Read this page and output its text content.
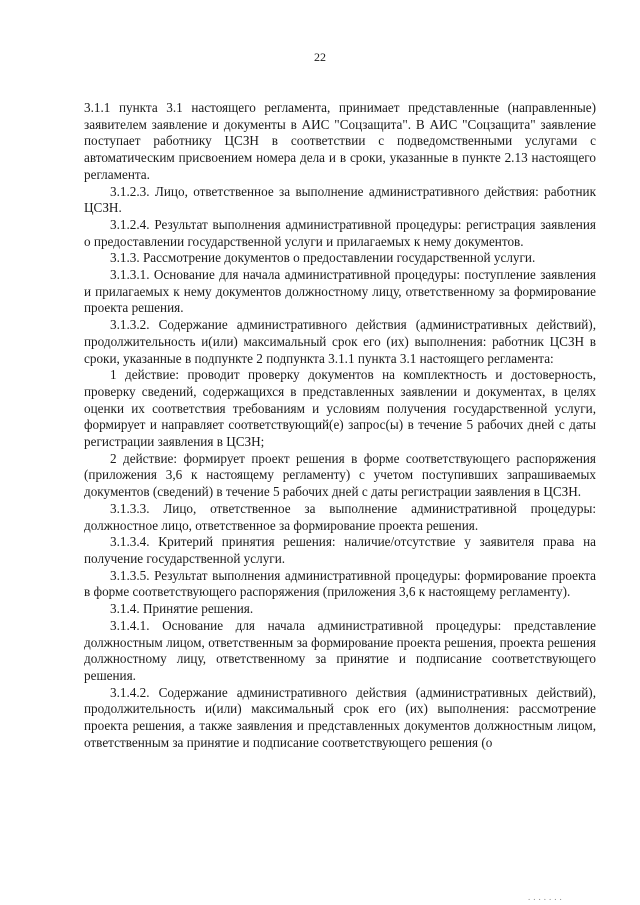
22

3.1.1 пункта 3.1 настоящего регламента, принимает представленные (направленные) заявителем заявление и документы в АИС "Соцзащита". В АИС "Соцзащита" заявление поступает работнику ЦСЗН в соответствии с подведомственными услугами с автоматическим присвоением номера дела и в сроки, указанные в пункте 2.13 настоящего регламента.

3.1.2.3. Лицо, ответственное за выполнение административного действия: работник ЦСЗН.

3.1.2.4. Результат выполнения административной процедуры: регистрация заявления о предоставлении государственной услуги и прилагаемых к нему документов.

3.1.3. Рассмотрение документов о предоставлении государственной услуги.

3.1.3.1. Основание для начала административной процедуры: поступление заявления и прилагаемых к нему документов должностному лицу, ответственному за формирование проекта решения.

3.1.3.2. Содержание административного действия (административных действий), продолжительность и(или) максимальный срок его (их) выполнения: работник ЦСЗН в сроки, указанные в подпункте 2 подпункта 3.1.1 пункта 3.1 настоящего регламента:

1 действие: проводит проверку документов на комплектность и достоверность, проверку сведений, содержащихся в представленных заявлении и документах, в целях оценки их соответствия требованиям и условиям получения государственной услуги, формирует и направляет соответствующий(е) запрос(ы) в течение 5 рабочих дней с даты регистрации заявления в ЦСЗН;

2 действие: формирует проект решения в форме соответствующего распоряжения (приложения 3,6 к настоящему регламенту) с учетом поступивших запрашиваемых документов (сведений) в течение 5 рабочих дней с даты регистрации заявления в ЦСЗН.

3.1.3.3. Лицо, ответственное за выполнение административной процедуры: должностное лицо, ответственное за формирование проекта решения.

3.1.3.4. Критерий принятия решения: наличие/отсутствие у заявителя права на получение государственной услуги.

3.1.3.5. Результат выполнения административной процедуры: формирование проекта в форме соответствующего распоряжения (приложения 3,6 к настоящему регламенту).

3.1.4. Принятие решения.

3.1.4.1. Основание для начала административной процедуры: представление должностным лицом, ответственным за формирование проекта решения, проекта решения должностному лицу, ответственному за принятие и подписание соответствующего решения.

3.1.4.2. Содержание административного действия (административных действий), продолжительность и(или) максимальный срок его (их) выполнения: рассмотрение проекта решения, а также заявления и представленных документов должностным лицом, ответственным за принятие и подписание соответствующего решения (о

.......
